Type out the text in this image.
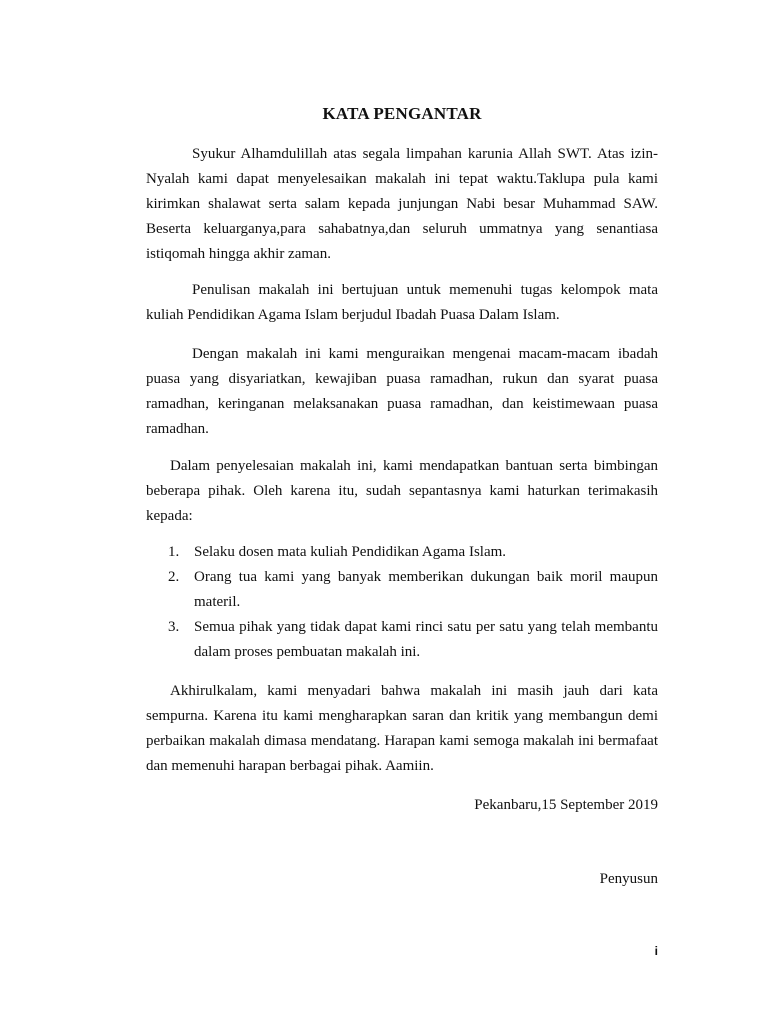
KATA PENGANTAR

Syukur Alhamdulillah atas segala limpahan karunia Allah SWT. Atas izin-Nyalah kami dapat menyelesaikan makalah ini tepat waktu.Taklupa pula kami kirimkan shalawat serta salam kepada junjungan Nabi besar Muhammad SAW. Beserta keluarganya,para sahabatnya,dan seluruh ummatnya yang senantiasa istiqomah hingga akhir zaman.

Penulisan makalah ini bertujuan untuk memenuhi tugas kelompok mata kuliah Pendidikan Agama Islam berjudul Ibadah Puasa Dalam Islam.

Dengan makalah ini kami menguraikan mengenai macam-macam ibadah puasa yang disyariatkan, kewajiban puasa ramadhan, rukun dan syarat puasa ramadhan, keringanan melaksanakan puasa ramadhan, dan keistimewaan puasa ramadhan.

Dalam penyelesaian makalah ini, kami mendapatkan bantuan serta bimbingan beberapa pihak. Oleh karena itu, sudah sepantasnya kami haturkan terimakasih kepada:

1. Selaku dosen mata kuliah Pendidikan Agama Islam.
2. Orang tua kami yang banyak memberikan dukungan baik moril maupun materil.
3. Semua pihak yang tidak dapat kami rinci satu per satu yang telah membantu dalam proses pembuatan makalah ini.

Akhirulkalam, kami menyadari bahwa makalah ini masih jauh dari kata sempurna. Karena itu kami mengharapkan saran dan kritik yang membangun demi perbaikan makalah dimasa mendatang. Harapan kami semoga makalah ini bermafaat dan memenuhi harapan berbagai pihak. Aamiin.

Pekanbaru,15 September 2019
Penyusun
i
